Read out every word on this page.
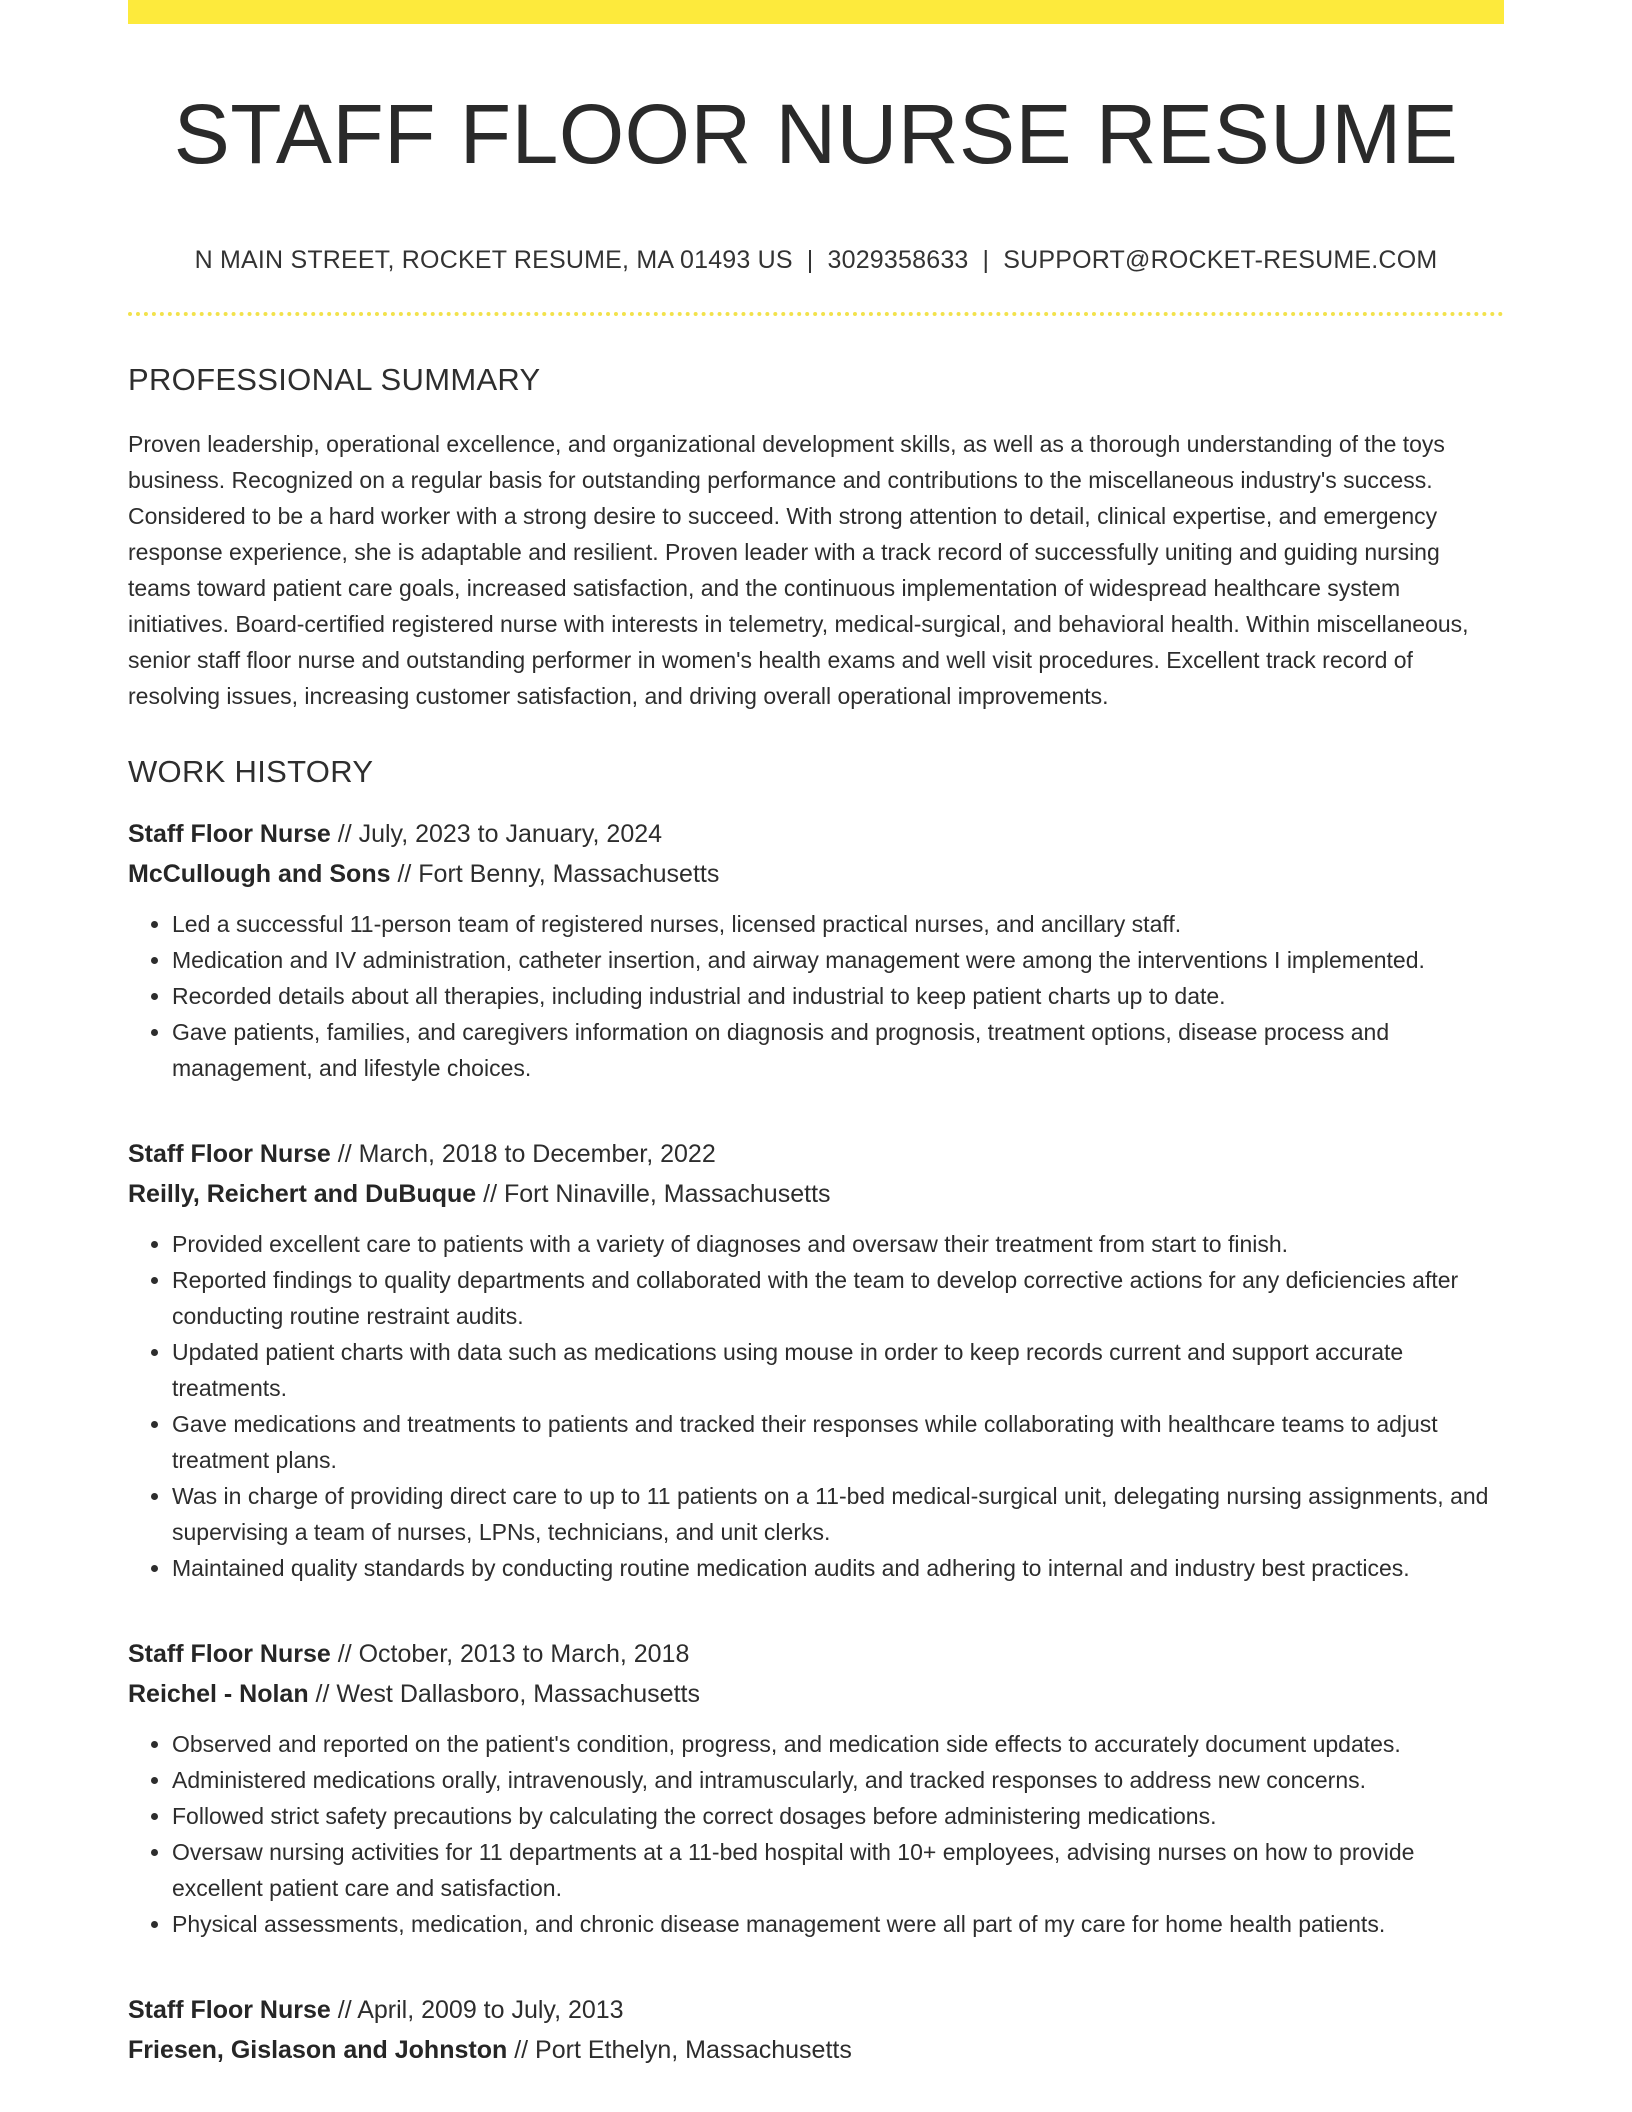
STAFF FLOOR NURSE RESUME
N MAIN STREET, ROCKET RESUME, MA 01493 US | 3029358633 | SUPPORT@ROCKET-RESUME.COM
PROFESSIONAL SUMMARY

Proven leadership, operational excellence, and organizational development skills, as well as a thorough understanding of the toys business. Recognized on a regular basis for outstanding performance and contributions to the miscellaneous industry's success. Considered to be a hard worker with a strong desire to succeed. With strong attention to detail, clinical expertise, and emergency response experience, she is adaptable and resilient. Proven leader with a track record of successfully uniting and guiding nursing teams toward patient care goals, increased satisfaction, and the continuous implementation of widespread healthcare system initiatives. Board-certified registered nurse with interests in telemetry, medical-surgical, and behavioral health. Within miscellaneous, senior staff floor nurse and outstanding performer in women's health exams and well visit procedures. Excellent track record of resolving issues, increasing customer satisfaction, and driving overall operational improvements.

WORK HISTORY
Staff Floor Nurse // July, 2023 to January, 2024
McCullough and Sons // Fort Benny, Massachusetts
• Led a successful 11-person team of registered nurses, licensed practical nurses, and ancillary staff.
• Medication and IV administration, catheter insertion, and airway management were among the interventions I implemented.
• Recorded details about all therapies, including industrial and industrial to keep patient charts up to date.
• Gave patients, families, and caregivers information on diagnosis and prognosis, treatment options, disease process and management, and lifestyle choices.
Staff Floor Nurse // March, 2018 to December, 2022
Reilly, Reichert and DuBuque // Fort Ninaville, Massachusetts
• Provided excellent care to patients with a variety of diagnoses and oversaw their treatment from start to finish.
• Reported findings to quality departments and collaborated with the team to develop corrective actions for any deficiencies after conducting routine restraint audits.
• Updated patient charts with data such as medications using mouse in order to keep records current and support accurate treatments.
• Gave medications and treatments to patients and tracked their responses while collaborating with healthcare teams to adjust treatment plans.
• Was in charge of providing direct care to up to 11 patients on a 11-bed medical-surgical unit, delegating nursing assignments, and supervising a team of nurses, LPNs, technicians, and unit clerks.
• Maintained quality standards by conducting routine medication audits and adhering to internal and industry best practices.
Staff Floor Nurse // October, 2013 to March, 2018
Reichel - Nolan // West Dallasboro, Massachusetts
• Observed and reported on the patient's condition, progress, and medication side effects to accurately document updates.
• Administered medications orally, intravenously, and intramuscularly, and tracked responses to address new concerns.
• Followed strict safety precautions by calculating the correct dosages before administering medications.
• Oversaw nursing activities for 11 departments at a 11-bed hospital with 10+ employees, advising nurses on how to provide excellent patient care and satisfaction.
• Physical assessments, medication, and chronic disease management were all part of my care for home health patients.
Staff Floor Nurse // April, 2009 to July, 2013
Friesen, Gislason and Johnston // Port Ethelyn, Massachusetts
